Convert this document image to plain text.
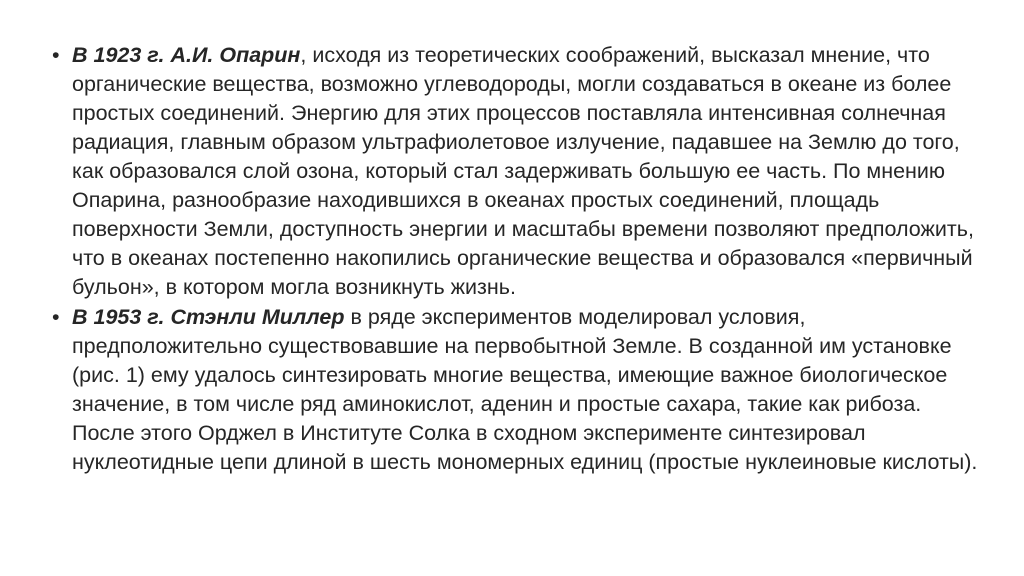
• В 1923 г. А.И. Опарин, исходя из теоретических соображений, высказал мнение, что органические вещества, возможно углеводороды, могли создаваться в океане из более простых соединений. Энергию для этих процессов поставляла интенсивная солнечная радиация, главным образом ультрафиолетовое излучение, падавшее на Землю до того, как образовался слой озона, который стал задерживать большую ее часть. По мнению Опарина, разнообразие находившихся в океанах простых соединений, площадь поверхности Земли, доступность энергии и масштабы времени позволяют предположить, что в океанах постепенно накопились органические вещества и образовался «первичный бульон», в котором могла возникнуть жизнь.
• В 1953 г. Стэнли Миллер в ряде экспериментов моделировал условия, предположительно существовавшие на первобытной Земле. В созданной им установке (рис. 1) ему удалось синтезировать многие вещества, имеющие важное биологическое значение, в том числе ряд аминокислот, аденин и простые сахара, такие как рибоза. После этого Орджел в Институте Солка в сходном эксперименте синтезировал нуклеотидные цепи длиной в шесть мономерных единиц (простые нуклеиновые кислоты).
